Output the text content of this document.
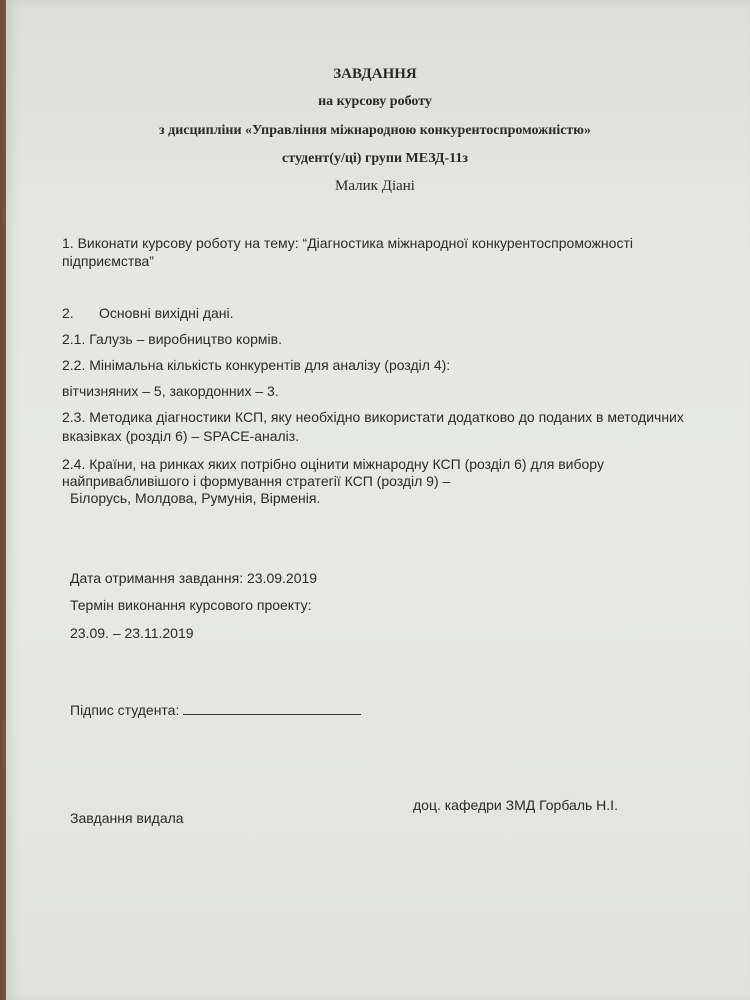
ЗАВДАННЯ
на курсову роботу
з дисципліни «Управління міжнародною конкурентоспроможністю»
студент(у/ці) групи МЕЗД-11з
Малик Діані
1. Виконати курсову роботу на тему: “Діагностика міжнародної конкурентоспроможності
підприємства”
2. Основні вихідні дані.
2.1. Галузь – виробництво кормів.
2.2. Мінімальна кількість конкурентів для аналізу (розділ 4):
вітчизняних – 5, закордонних – 3.
2.3. Методика діагностики КСП, яку необхідно використати додатково до поданих в методичних
вказівках (розділ 6) – SPACE-аналіз.
2.4. Країни, на ринках яких потрібно оцінити міжнародну КСП (розділ 6) для вибору
найпривабливішого і формування стратегії КСП (розділ 9) –
Білорусь, Молдова, Румунія, Вірменія.
Дата отримання завдання: 23.09.2019
Термін виконання курсового проекту:
23.09. – 23.11.2019
Підпис студента:
доц. кафедри ЗМД Горбаль Н.І.
Завдання видала
